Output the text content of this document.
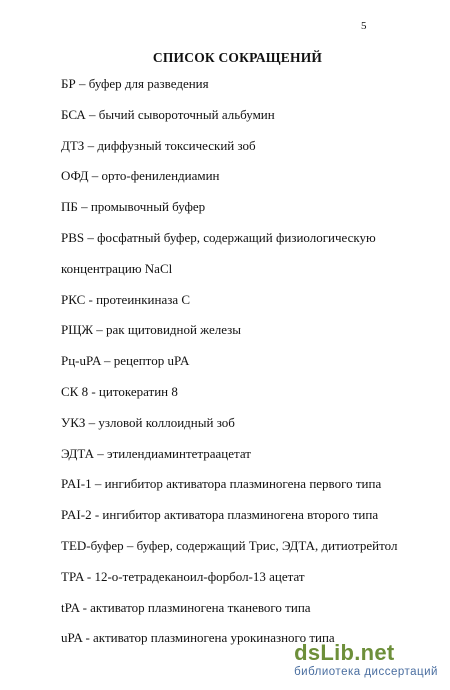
5
СПИСОК СОКРАЩЕНИЙ
БР – буфер для разведения
БСА – бычий сывороточный альбумин
ДТЗ – диффузный токсический зоб
ОФД – орто-фенилендиамин
ПБ – промывочный буфер
PBS – фосфатный буфер, содержащий физиологическую
концентрацию NaCl
РКС - протеинкиназа С
РЩЖ – рак щитовидной железы
Рц-uPA – рецептор uPA
СК 8 - цитокератин 8
УКЗ – узловой коллоидный зоб
ЭДТА – этилендиаминтетраацетат
PAI-1 – ингибитор активатора плазминогена первого типа
PAI-2 - ингибитор активатора плазминогена второго типа
TED-буфер – буфер, содержащий Трис, ЭДТА, дитиотрейтол
TPA - 12-о-тетрадеканоил-форбол-13 ацетат
tPA - активатор плазминогена тканевого типа
uPA - активатор плазминогена урокиназного типа
dsLib.net
библиотека диссертаций
